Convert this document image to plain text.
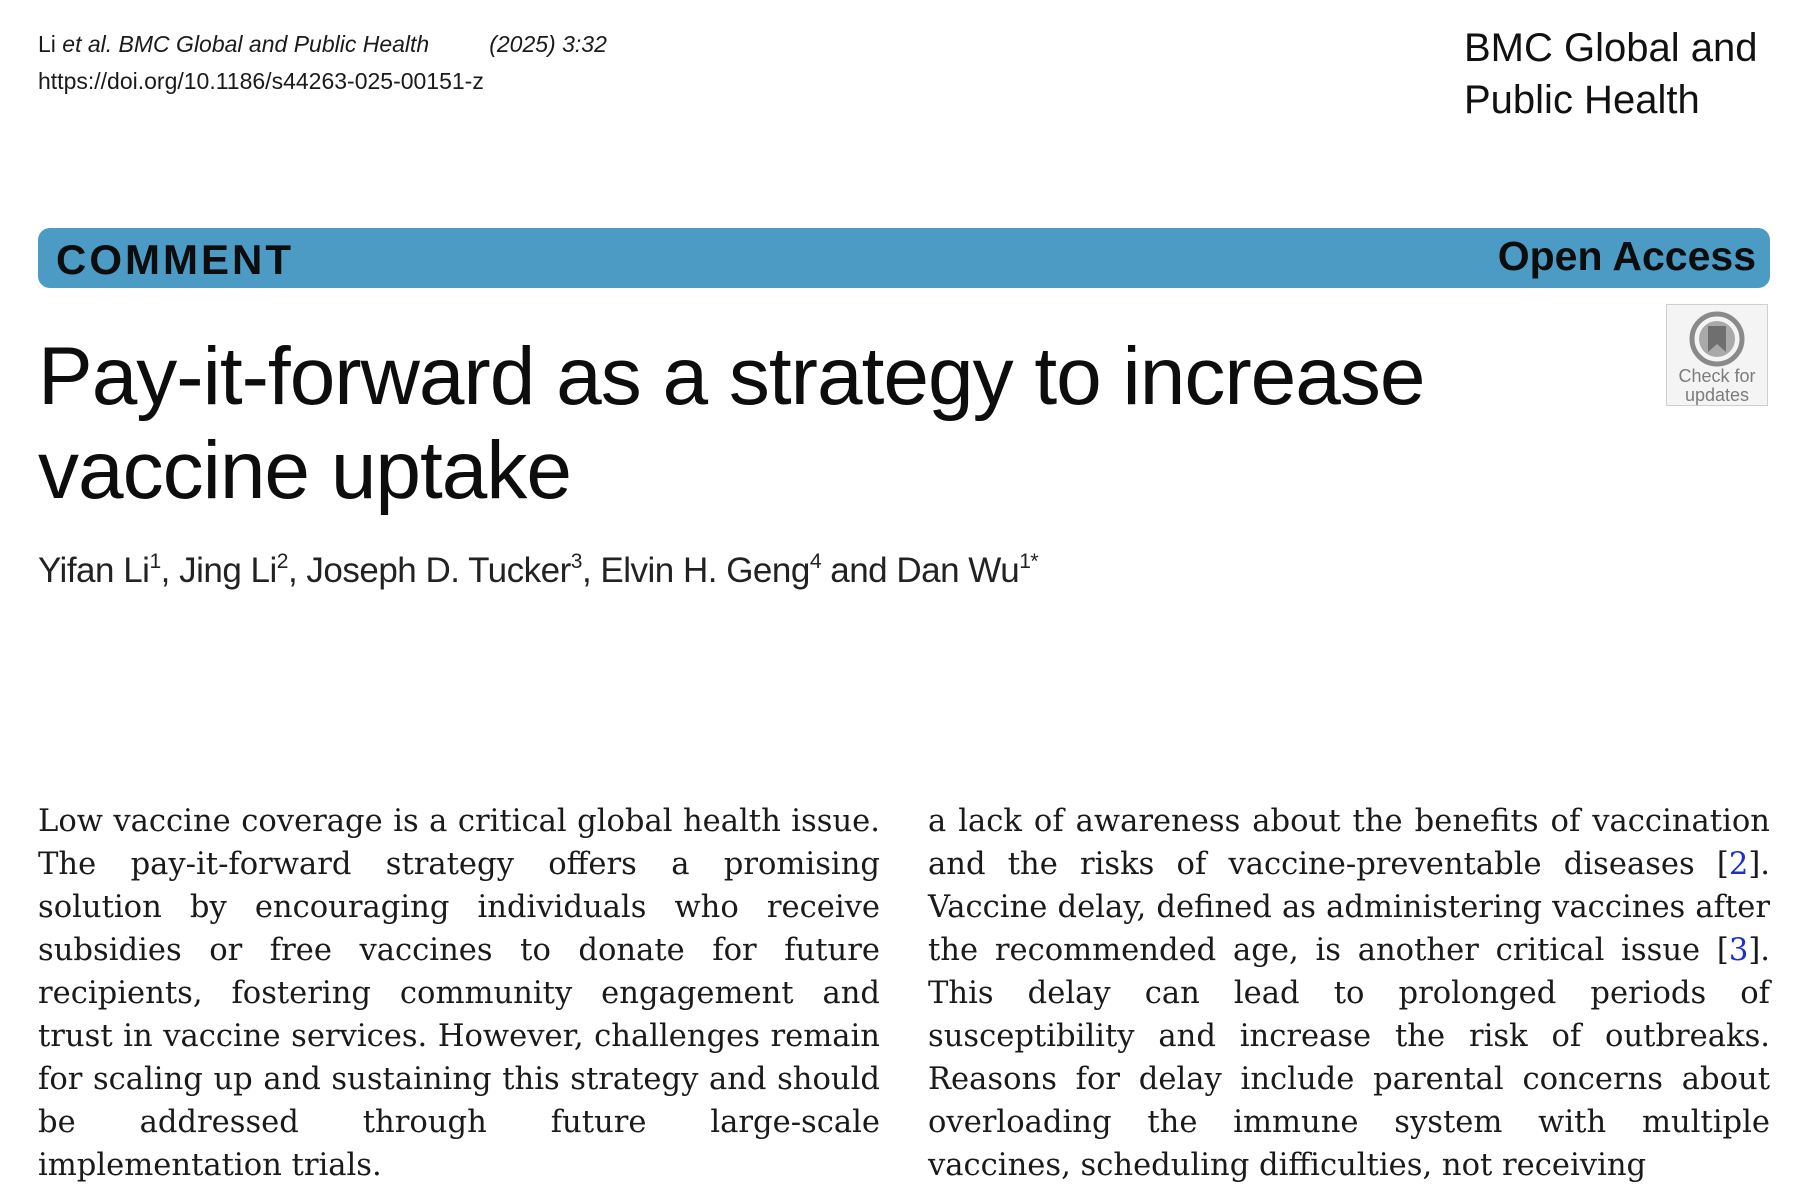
Li et al. BMC Global and Public Health	(2025) 3:32
https://doi.org/10.1186/s44263-025-00151-z
BMC Global and Public Health
COMMENT	Open Access
Check for
updates
Pay-it-forward as a strategy to increase vaccine uptake
Yifan Li$^1$, Jing Li$^2$, Joseph D. Tucker$^3$, Elvin H. Geng$^4$ and Dan $Wu^{1*}$
Low vaccine coverage is a critical global health issue. The pay-it-forward strategy offers a promising solution by encouraging individuals who receive subsidies or free vaccines to donate for future recipients, fostering community engagement and trust in vaccine services. However, challenges remain for scaling up and sustaining this strategy and should be addressed through future large-scale implementation trials.
a lack of awareness about the benefits of vaccination and the risks of vaccine-preventable diseases [2]. Vaccine delay, defined as administering vaccines after the recommended age, is another critical issue [3]. This delay can lead to prolonged periods of susceptibility and increase the risk of outbreaks. Reasons for delay include parental concerns about overloading the immune system with multiple vaccines, scheduling difficulties, not receiving
